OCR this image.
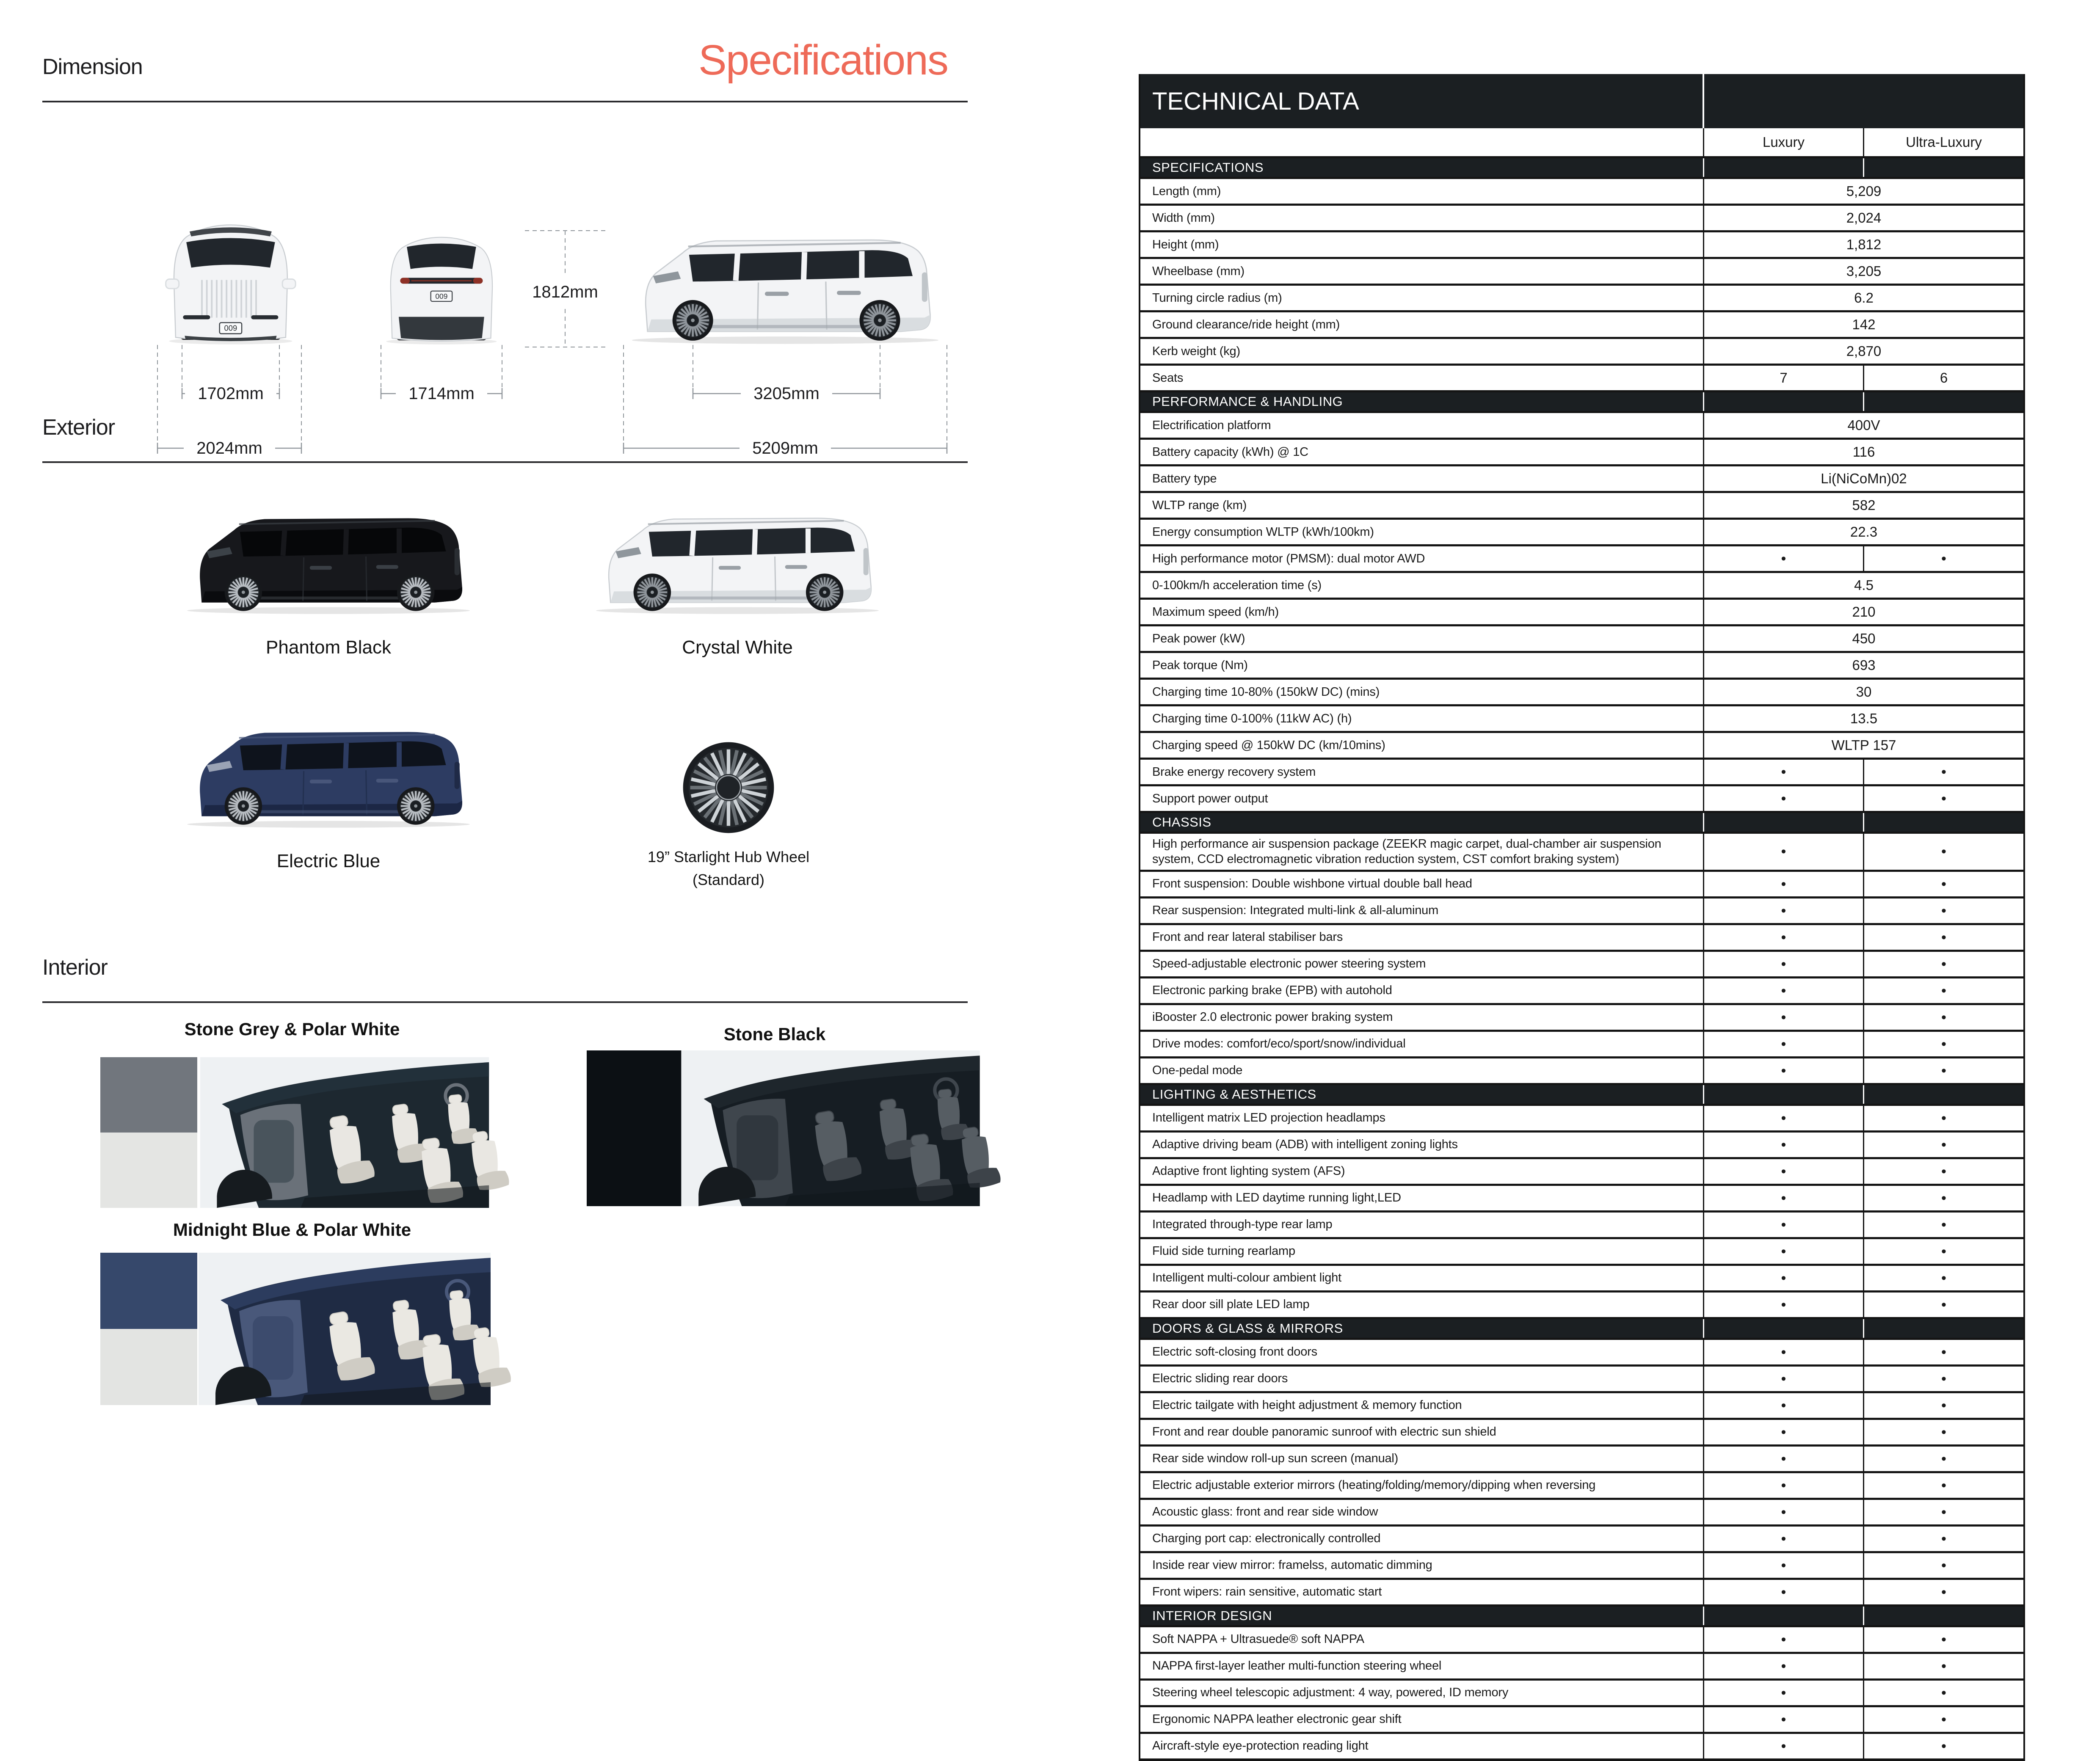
Specifications
Dimension
009
009	1812mm
1702mm
2024mm
1714mm	3205mm
5209mm
Exterior
Phantom Black	Crystal White
Electric Blue	19” Starlight Hub Wheel
(Standard)
Interior
Stone Grey & Polar White	Stone Black
Midnight Blue & Polar White
TECHNICAL DATA
Luxury	Ultra-Luxury
SPECIFICATIONS
Length (mm)	5,209
Width (mm)	2,024
Height (mm)	1,812
Wheelbase (mm)	3,205
Turning circle radius (m)	6.2
Ground clearance/ride height (mm)	142
Kerb weight (kg)	2,870
Seats	7	6
PERFORMANCE & HANDLING
Electrification platform	400V
Battery capacity (kWh) @ 1C	116
Battery type	Li(NiCoMn)02
WLTP range (km)	582
Energy consumption WLTP (kWh/100km)	22.3
High performance motor (PMSM): dual motor AWD	•	•
0-100km/h acceleration time (s)	4.5
Maximum speed (km/h)	210
Peak power (kW)	450
Peak torque (Nm)	693
Charging time 10-80% (150kW DC) (mins)	30
Charging time 0-100% (11kW AC) (h)	13.5
Charging speed @ 150kW DC (km/10mins)	WLTP 157
Brake energy recovery system	•	•
Support power output	•	•
CHASSIS
High performance air suspension package (ZEEKR magic carpet, dual-chamber air suspension system, CCD electromagnetic vibration reduction system, CST comfort braking system)	•	•
Front suspension: Double wishbone virtual double ball head	•	•
Rear suspension: Integrated multi-link & all-aluminum	•	•
Front and rear lateral stabiliser bars	•	•
Speed-adjustable electronic power steering system	•	•
Electronic parking brake (EPB) with autohold	•	•
iBooster 2.0 electronic power braking system	•	•
Drive modes: comfort/eco/sport/snow/individual	•	•
One-pedal mode	•	•
LIGHTING & AESTHETICS
Intelligent matrix LED projection headlamps	•	•
Adaptive driving beam (ADB) with intelligent zoning lights	•	•
Adaptive front lighting system (AFS)	•	•
Headlamp with LED daytime running light,LED	•	•
Integrated through-type rear lamp	•	•
Fluid side turning rearlamp	•	•
Intelligent multi-colour ambient light	•	•
Rear door sill plate LED lamp	•	•
DOORS & GLASS & MIRRORS
Electric soft-closing front doors	•	•
Electric sliding rear doors	•	•
Electric tailgate with height adjustment & memory function	•	•
Front and rear double panoramic sunroof with electric sun shield	•	•
Rear side window roll-up sun screen (manual)	•	•
Electric adjustable exterior mirrors (heating/folding/memory/dipping when reversing	•	•
Acoustic glass: front and rear side window	•	•
Charging port cap: electronically controlled	•	•
Inside rear view mirror: framelss, automatic dimming	•	•
Front wipers: rain sensitive, automatic start	•	•
INTERIOR DESIGN
Soft NAPPA + Ultrasuede® soft NAPPA	•	•
NAPPA first-layer leather multi-function steering wheel	•	•
Steering wheel telescopic adjustment: 4 way, powered, ID memory	•	•
Ergonomic NAPPA leather electronic gear shift	•	•
Aircraft-style eye-protection reading light	•	•
